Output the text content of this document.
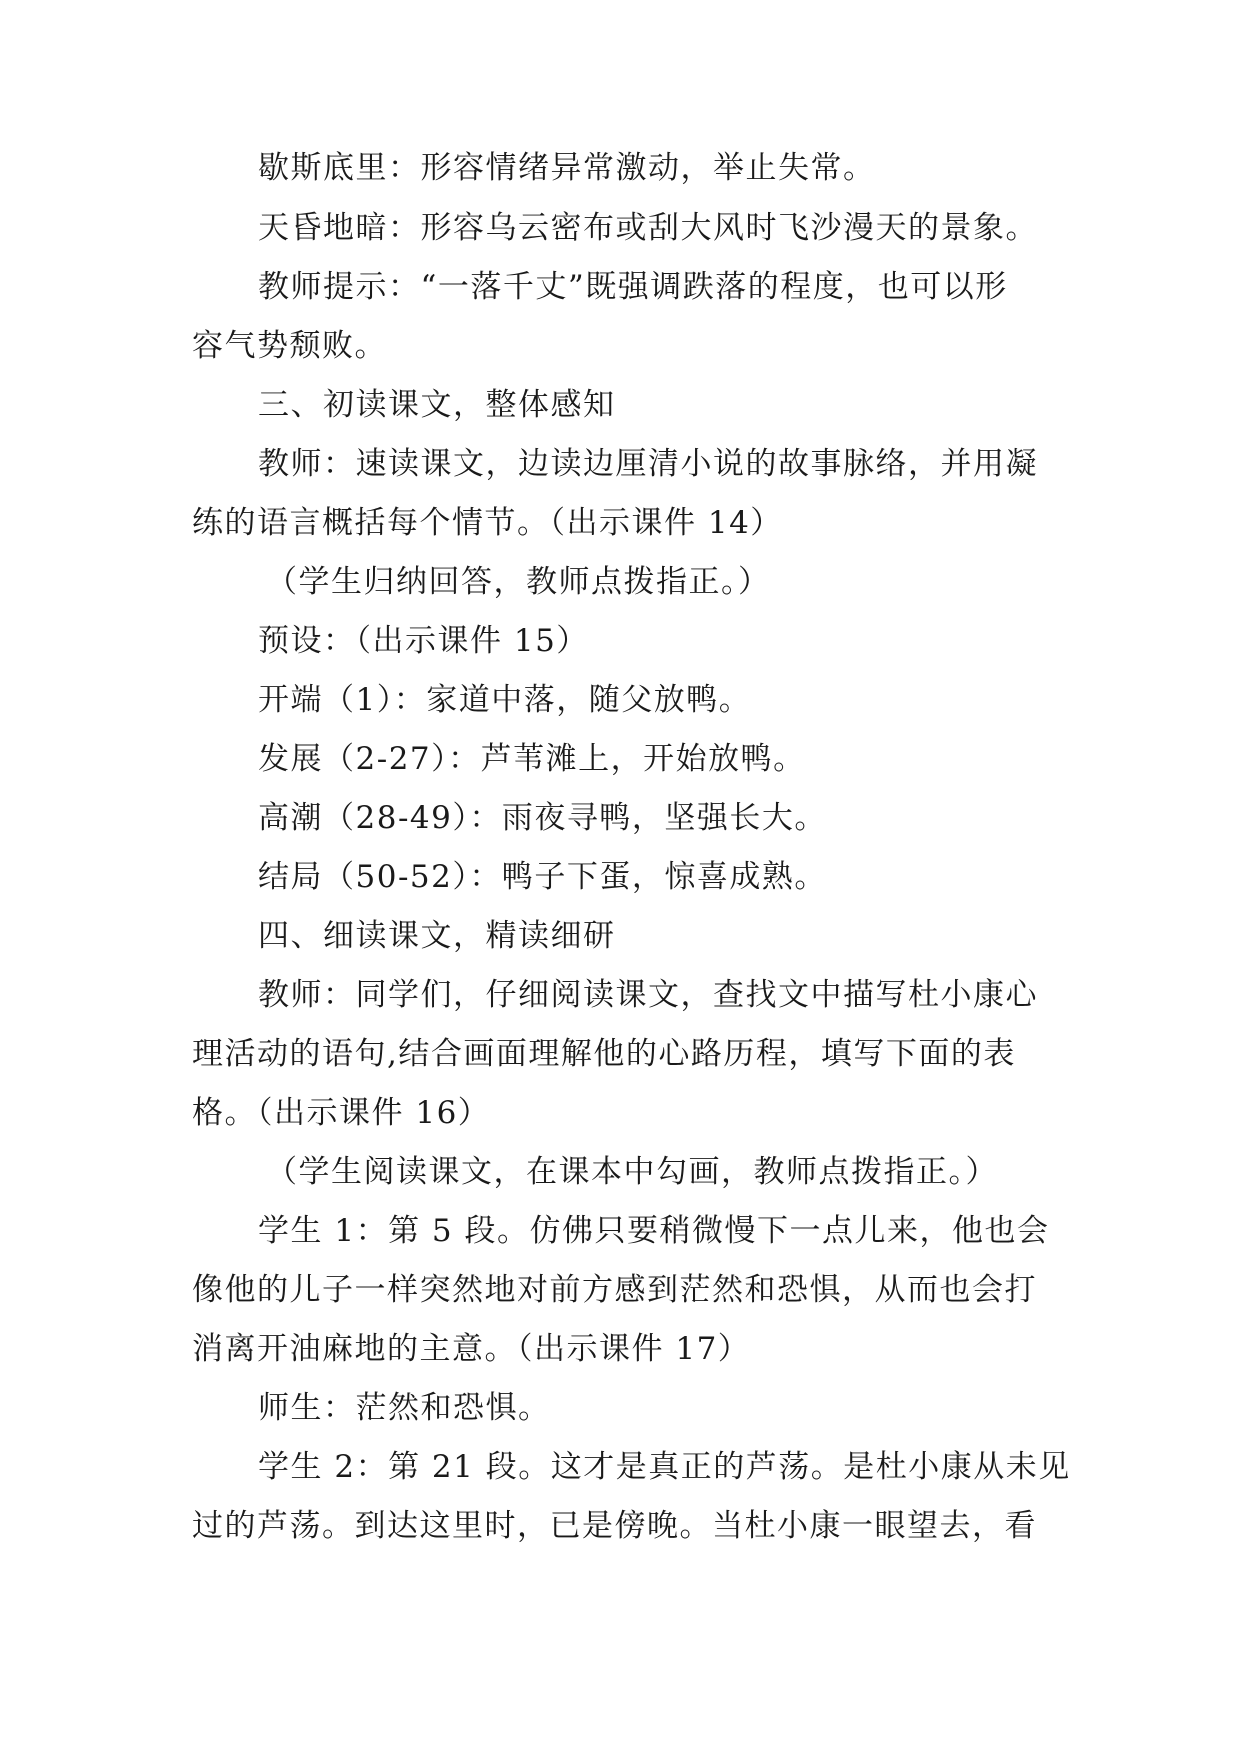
歇斯底里：形容情绪异常激动，举止失常。
天昏地暗：形容乌云密布或刮大风时飞沙漫天的景象。
教师提示：“一落千丈”既强调跌落的程度，也可以形
容气势颓败。
三、初读课文，整体感知
教师：速读课文，边读边厘清小说的故事脉络，并用凝
练的语言概括每个情节。（出示课件 14）
（学生归纳回答，教师点拨指正。）
预设：（出示课件 15）
开端（1）：家道中落，随父放鸭。
发展（2-27）：芦苇滩上，开始放鸭。
高潮（28-49）：雨夜寻鸭，坚强长大。
结局（50-52）：鸭子下蛋，惊喜成熟。
四、细读课文，精读细研
教师：同学们，仔细阅读课文，查找文中描写杜小康心
理活动的语句,结合画面理解他的心路历程，填写下面的表
格。（出示课件 16）
（学生阅读课文，在课本中勾画，教师点拨指正。）
学生 1：第 5 段。仿佛只要稍微慢下一点儿来，他也会
像他的儿子一样突然地对前方感到茫然和恐惧，从而也会打
消离开油麻地的主意。（出示课件 17）
师生：茫然和恐惧。
学生 2：第 21 段。这才是真正的芦荡。是杜小康从未见
过的芦荡。到达这里时，已是傍晚。当杜小康一眼望去，看
